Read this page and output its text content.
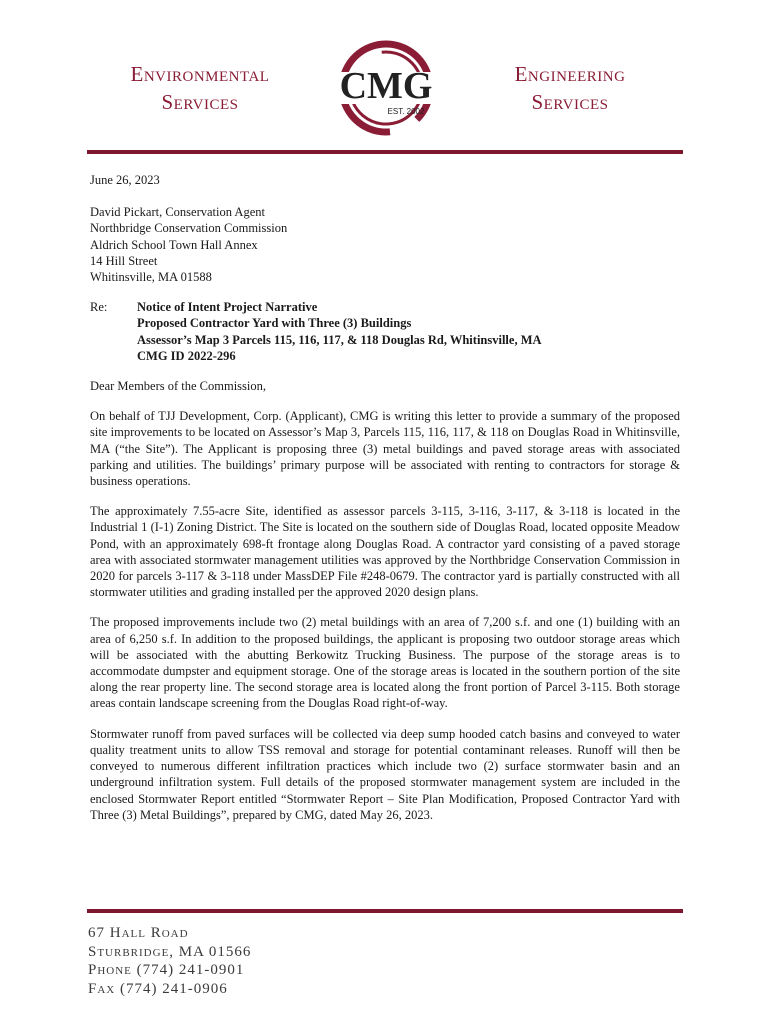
Environmental
Services	CMG
EST. 2002
Engineering
Services

June 26, 2023

David Pickart, Conservation Agent
Northbridge Conservation Commission
Aldrich School Town Hall Annex
14 Hill Street
Whitinsville, MA 01588
Re:	Notice of Intent Project Narrative
Proposed Contractor Yard with Three (3) Buildings
Assessor’s Map 3 Parcels 115, 116, 117, & 118 Douglas Rd, Whitinsville, MA
CMG ID 2022-296

Dear Members of the Commission,

On behalf of TJJ Development, Corp. (Applicant), CMG is writing this letter to provide a summary of the proposed site improvements to be located on Assessor’s Map 3, Parcels 115, 116, 117, & 118 on Douglas Road in Whitinsville, MA (“the Site”). The Applicant is proposing three (3) metal buildings and paved storage areas with associated parking and utilities. The buildings’ primary purpose will be associated with renting to contractors for storage & business operations.

The approximately 7.55-acre Site, identified as assessor parcels 3-115, 3-116, 3-117, & 3-118 is located in the Industrial 1 (I-1) Zoning District. The Site is located on the southern side of Douglas Road, located opposite Meadow Pond, with an approximately 698-ft frontage along Douglas Road. A contractor yard consisting of a paved storage area with associated stormwater management utilities was approved by the Northbridge Conservation Commission in 2020 for parcels 3-117 & 3-118 under MassDEP File #248-0679. The contractor yard is partially constructed with all stormwater utilities and grading installed per the approved 2020 design plans.

The proposed improvements include two (2) metal buildings with an area of 7,200 s.f. and one (1) building with an area of 6,250 s.f. In addition to the proposed buildings, the applicant is proposing two outdoor storage areas which will be associated with the abutting Berkowitz Trucking Business. The purpose of the storage areas is to accommodate dumpster and equipment storage. One of the storage areas is located in the southern portion of the site along the rear property line. The second storage area is located along the front portion of Parcel 3-115. Both storage areas contain landscape screening from the Douglas Road right-of-way.

Stormwater runoff from paved surfaces will be collected via deep sump hooded catch basins and conveyed to water quality treatment units to allow TSS removal and storage for potential contaminant releases. Runoff will then be conveyed to numerous different infiltration practices which include two (2) surface stormwater basin and an underground infiltration system. Full details of the proposed stormwater management system are included in the enclosed Stormwater Report entitled “Stormwater Report – Site Plan Modification, Proposed Contractor Yard with Three (3) Metal Buildings”, prepared by CMG, dated May 26, 2023.

67 Hall Road
Sturbridge, MA 01566
Phone (774) 241-0901
Fax (774) 241-0906
